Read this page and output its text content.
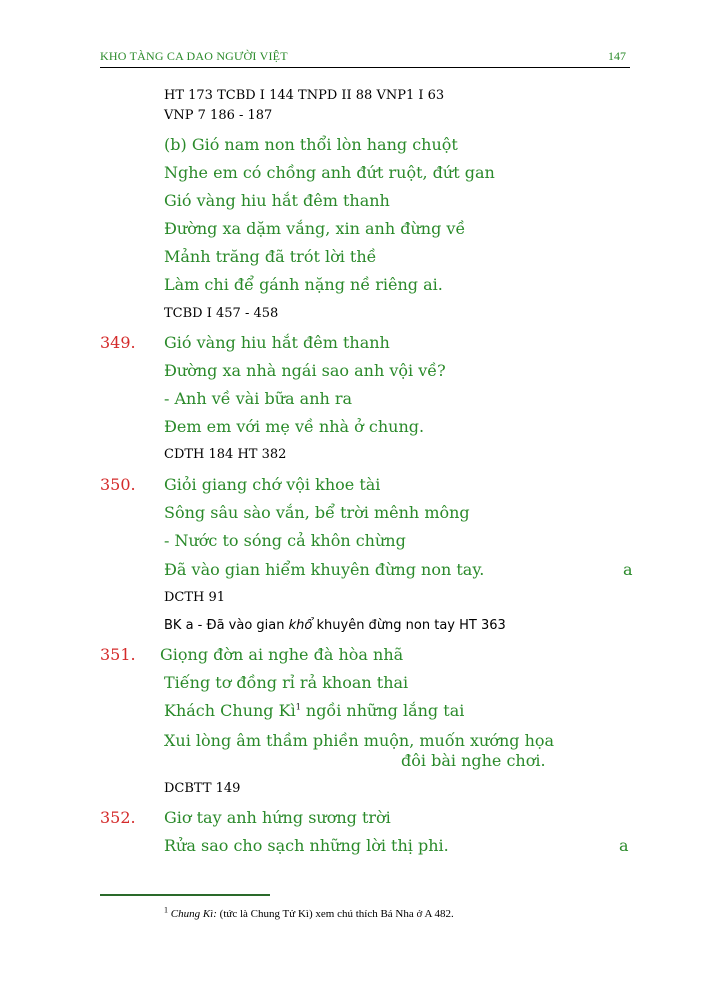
KHO TÀNG CA DAO NGƯỜI VIỆT	147
HT 173 TCBD I 144 TNPD II 88 VNP1 I 63
VNP 7 186 - 187
(b) Gió nam non thổi lòn hang chuột
Nghe em có chồng anh đứt ruột, đứt gan
Gió vàng hiu hắt đêm thanh
Đường xa dặm vắng, xin anh đừng về
Mảnh trăng đã trót lời thề
Làm chi để gánh nặng nề riêng ai.
TCBD I 457 - 458
349. Gió vàng hiu hắt đêm thanh
Đường xa nhà ngái sao anh vội về?
- Anh về vài bữa anh ra
Đem em với mẹ về nhà ở chung.
CDTH 184 HT 382
350. Giỏi giang chớ vội khoe tài
Sông sâu sào vắn, bể trời mênh mông
- Nước to sóng cả khôn chừng
Đã vào gian hiểm khuyên đừng non tay.	a
DCTH 91
BK a - Đã vào gian khổ khuyên đừng non tay HT 363
351. Giọng đờn ai nghe đà hòa nhã
Tiếng tơ đồng rỉ rả khoan thai
Khách Chung $Kì^1$ ngồi những lắng tai
Xui lòng âm thầm phiền muộn, muốn xướng họa
đôi bài nghe chơi.
DCBTT 149
352. Giơ tay anh hứng sương trời
Rửa sao cho sạch những lời thị phi.	a
$^1$ Chung Kì: (tức là Chung Tử Kì) xem chú thích Bá Nha ở A 482.
